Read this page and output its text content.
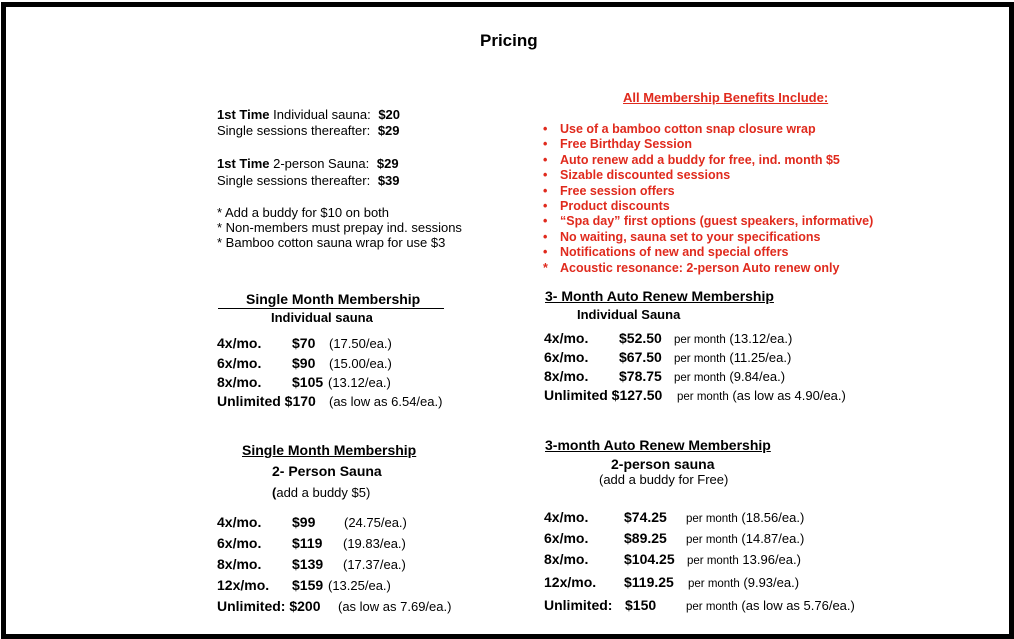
Pricing
1st Time Individual sauna: $20
Single sessions thereafter: $29
1st Time 2-person Sauna: $29
Single sessions thereafter: $39
* Add a buddy for $10 on both
* Non-members must prepay ind. sessions
* Bamboo cotton sauna wrap for use $3
All Membership Benefits Include:
• Use of a bamboo cotton snap closure wrap
• Free Birthday Session
• Auto renew add a buddy for free, ind. month $5
• Sizable discounted sessions
• Free session offers
• Product discounts
• “Spa day” first options (guest speakers, informative)
• No waiting, sauna set to your specifications
• Notifications of new and special offers
* Acoustic resonance: 2-person Auto renew only
Single Month Membership
Individual sauna
4x/mo. $70 (17.50/ea.)
6x/mo. $90 (15.00/ea.)
8x/mo. $105 (13.12/ea.)
Unlimited $170 (as low as 6.54/ea.)
3- Month Auto Renew Membership
Individual Sauna
4x/mo. $52.50 per month (13.12/ea.)
6x/mo. $67.50 per month (11.25/ea.)
8x/mo. $78.75 per month (9.84/ea.)
Unlimited $127.50 per month (as low as 4.90/ea.)
Single Month Membership
2- Person Sauna
(add a buddy $5)
4x/mo. $99 (24.75/ea.)
6x/mo. $119 (19.83/ea.)
8x/mo. $139 (17.37/ea.)
12x/mo. $159 (13.25/ea.)
Unlimited: $200 (as low as 7.69/ea.)
3-month Auto Renew Membership
2-person sauna
(add a buddy for Free)
4x/mo.	$74.25 per month (18.56/ea.)
6x/mo.	$89.25 per month (14.87/ea.)
8x/mo.	$104.25 per month 13.96/ea.)
12x/mo. $119.25 per month (9.93/ea.)
Unlimited: $150	per month (as low as 5.76/ea.)
